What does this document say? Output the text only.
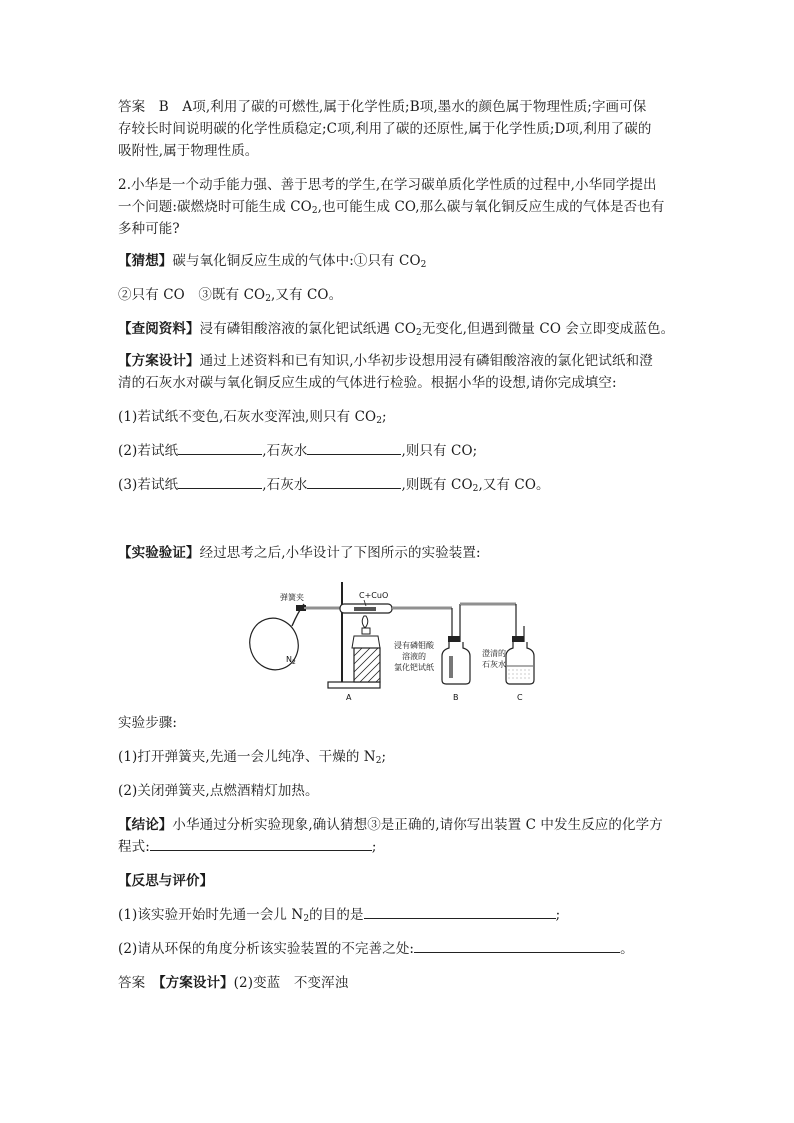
答案　B　A项,利用了碳的可燃性,属于化学性质;B项,墨水的颜色属于物理性质;字画可保
存较长时间说明碳的化学性质稳定;C项,利用了碳的还原性,属于化学性质;D项,利用了碳的
吸附性,属于物理性质。
2.小华是一个动手能力强、善于思考的学生,在学习碳单质化学性质的过程中,小华同学提出
一个问题:碳燃烧时可能生成 $CO_2$,也可能生成 CO,那么碳与氧化铜反应生成的气体是否也有
多种可能?
【猜想】碳与氧化铜反应生成的气体中:①只有 $CO_2$
②只有 CO　③既有 $CO_2$,又有 CO。
【查阅资料】浸有磷钼酸溶液的氯化钯试纸遇 $CO_2$无变化,但遇到微量 CO 会立即变成蓝色。
【方案设计】通过上述资料和已有知识,小华初步设想用浸有磷钼酸溶液的氯化钯试纸和澄
清的石灰水对碳与氧化铜反应生成的气体进行检验。根据小华的设想,请你完成填空:
(1)若试纸不变色,石灰水变浑浊,则只有 $CO_2$;
(2)若试纸	,石灰水	,则只有 CO;
(3)若试纸	,石灰水	,则既有 $CO_2$,又有 CO。
【实验验证】经过思考之后,小华设计了下图所示的实验装置:
$N_2$
弹簧夹	C+CuO
A
浸有磷钼酸
溶液的
氯化钯试纸
B
澄清的
石灰水
C
实验步骤:
(1)打开弹簧夹,先通一会儿纯净、干燥的 $N_2$;
(2)关闭弹簧夹,点燃酒精灯加热。
【结论】小华通过分析实验现象,确认猜想③是正确的,请你写出装置 C 中发生反应的化学方
程式:	;
【反思与评价】
(1)该实验开始时先通一会儿 $N_2$的目的是	;
(2)请从环保的角度分析该实验装置的不完善之处:	。
答案　【方案设计】(2)变蓝　不变浑浊
